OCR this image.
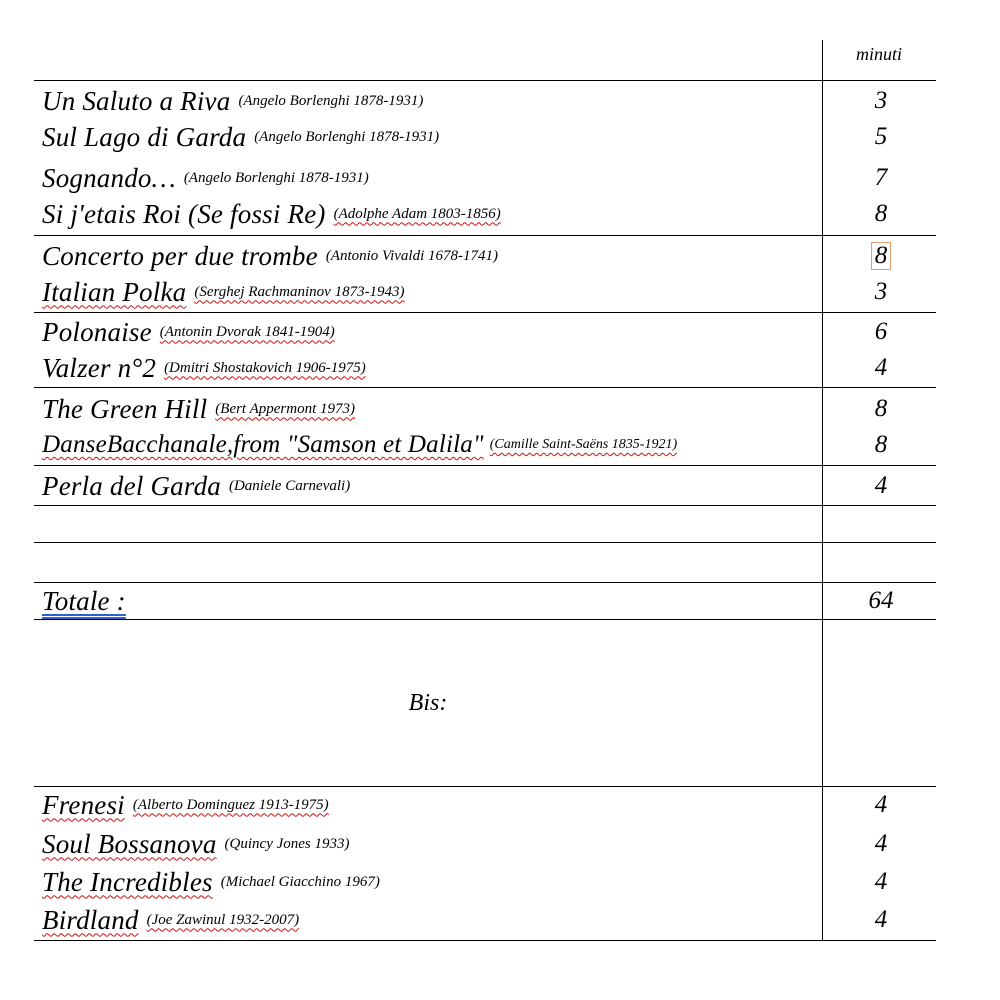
minuti
Un Saluto a Riva (Angelo Borlenghi 1878-1931)	3
Sul Lago di Garda (Angelo Borlenghi 1878-1931)	5
Sognando… (Angelo Borlenghi 1878-1931)	7
Si j'etais Roi (Se fossi Re) (Adolphe Adam 1803-1856)	8
Concerto per due trombe (Antonio Vivaldi 1678-1741)	8
Italian Polka (Serghej Rachmaninov 1873-1943)	3
Polonaise (Antonin Dvorak 1841-1904)	6
Valzer n°2 (Dmitri Shostakovich 1906-1975)	4
The Green Hill (Bert Appermont 1973)	8
DanseBacchanale,from "Samson et Dalila" (Camille Saint-Saëns 1835-1921)	8
Perla del Garda (Daniele Carnevali)	4
Totale :	64
Bis:
Frenesi (Alberto Dominguez 1913-1975)	4
Soul Bossanova (Quincy Jones 1933)	4
The Incredibles (Michael Giacchino 1967)	4
Birdland (Joe Zawinul 1932-2007)	4
